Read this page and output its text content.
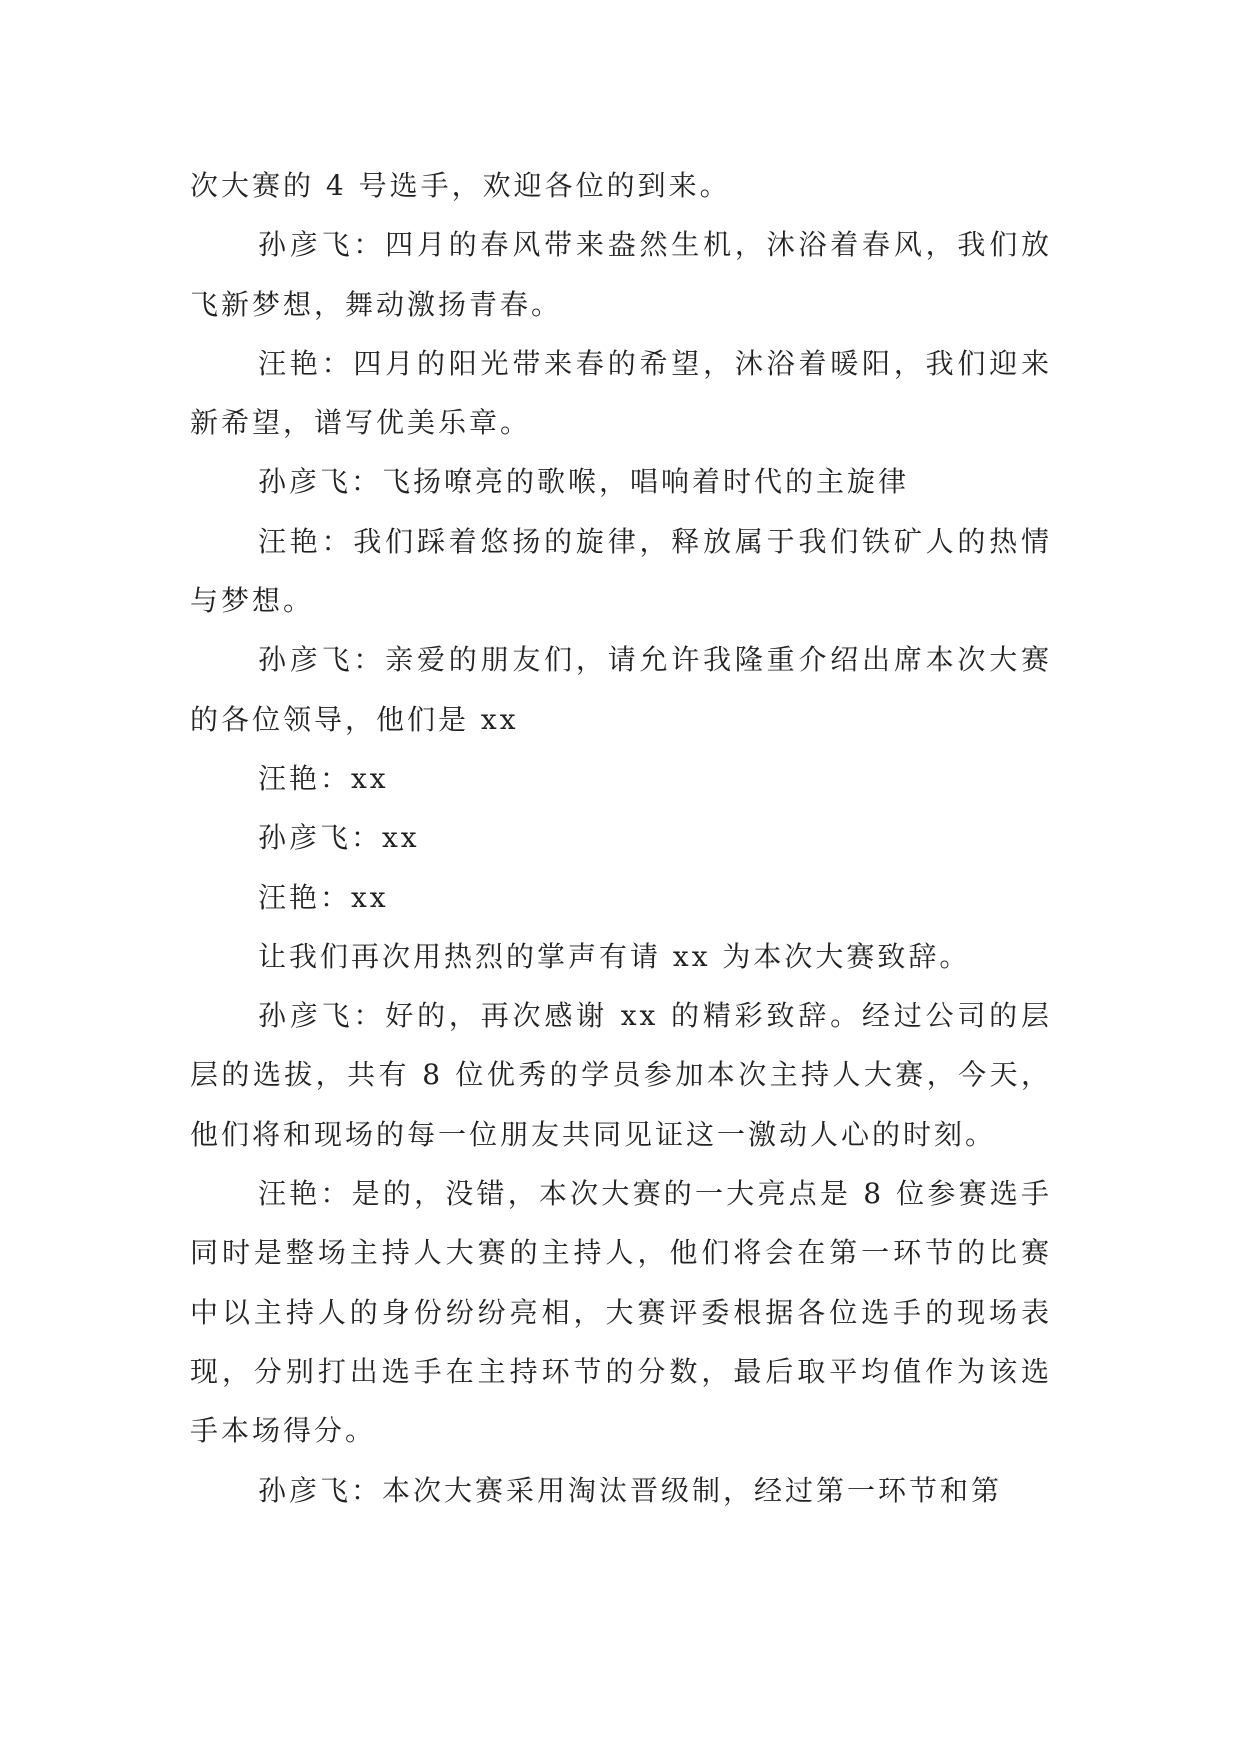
次大赛的 4 号选手，欢迎各位的到来。

孙彦飞：四月的春风带来盎然生机，沐浴着春风，我们放飞新梦想，舞动激扬青春。

汪艳：四月的阳光带来春的希望，沐浴着暖阳，我们迎来新希望，谱写优美乐章。

孙彦飞：飞扬嘹亮的歌喉，唱响着时代的主旋律

汪艳：我们踩着悠扬的旋律，释放属于我们铁矿人的热情与梦想。

孙彦飞：亲爱的朋友们，请允许我隆重介绍出席本次大赛的各位领导，他们是 xx

汪艳：xx

孙彦飞：xx

汪艳：xx

让我们再次用热烈的掌声有请 xx 为本次大赛致辞。

孙彦飞：好的，再次感谢 xx 的精彩致辞。经过公司的层层的选拔，共有 8 位优秀的学员参加本次主持人大赛，今天，他们将和现场的每一位朋友共同见证这一激动人心的时刻。

汪艳：是的，没错，本次大赛的一大亮点是 8 位参赛选手同时是整场主持人大赛的主持人，他们将会在第一环节的比赛中以主持人的身份纷纷亮相，大赛评委根据各位选手的现场表现，分别打出选手在主持环节的分数，最后取平均值作为该选手本场得分。

孙彦飞：本次大赛采用淘汰晋级制，经过第一环节和第
